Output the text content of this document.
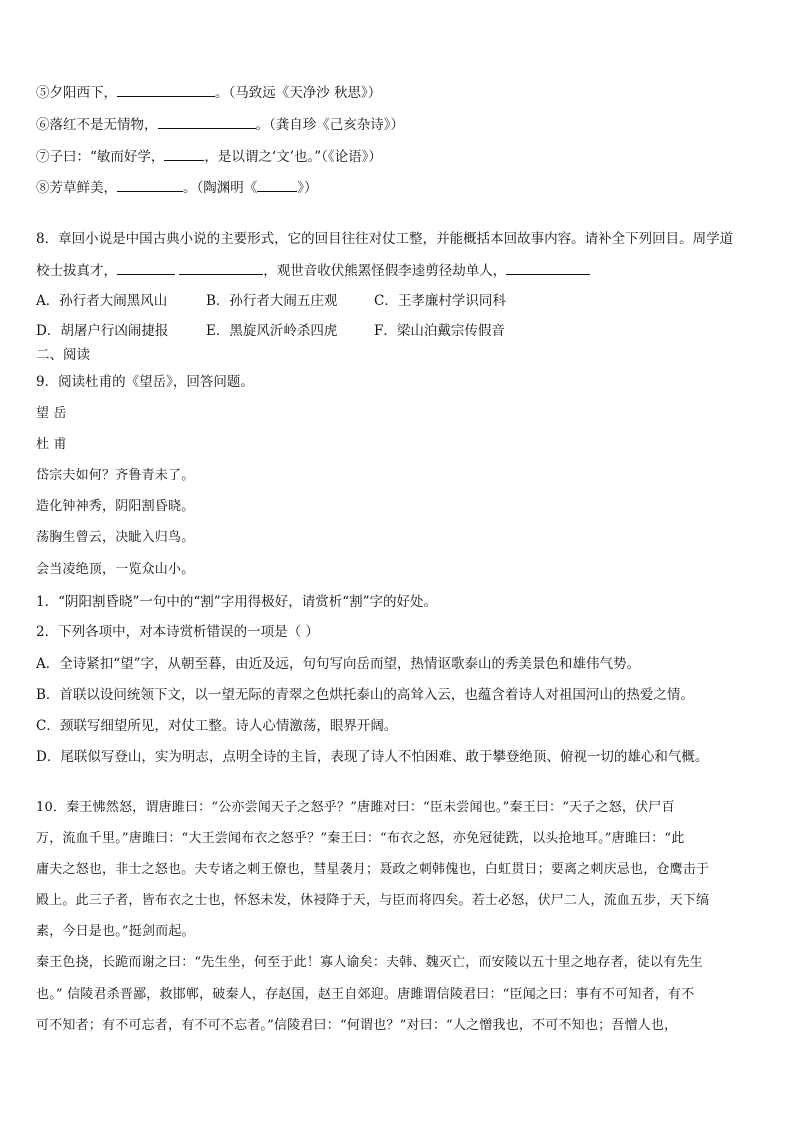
⑤夕阳西下，	。（马致远《天净沙 秋思》）
⑥落红不是无情物，	。（龚自珍《己亥杂诗》）
⑦子曰：“敏而好学，	，是以谓之‘文’也。”（《论语》）
⑧芳草鲜美，	。（陶渊明《	》）
8．章回小说是中国古典小说的主要形式，它的回目往往对仗工整，并能概括本回故事内容。请补全下列回目。周学道
校士拔真才，	，观世音收伏熊罴怪假李逵剪径劫单人，
A．孙行者大闹黑风山	B．孙行者大闹五庄观	C．王孝廉村学识同科
D．胡屠户行凶闹捷报	E．黑旋风沂岭杀四虎	F．梁山泊戴宗传假音
二、阅读
9．阅读杜甫的《望岳》，回答问题。
望 岳
杜 甫
岱宗夫如何？齐鲁青未了。
造化钟神秀，阴阳割昏晓。
荡胸生曾云，决眦入归鸟。
会当凌绝顶，一览众山小。
1．“阴阳割昏晓”一句中的“割”字用得极好，请赏析“割”字的好处。
2．下列各项中，对本诗赏析错误的一项是（ ）
A．全诗紧扣“望”字，从朝至暮，由近及远，句句写向岳而望，热情讴歌泰山的秀美景色和雄伟气势。
B．首联以设问统领下文，以一望无际的青翠之色烘托泰山的高耸入云，也蕴含着诗人对祖国河山的热爱之情。
C．颈联写细望所见，对仗工整。诗人心情激荡，眼界开阔。
D．尾联似写登山，实为明志，点明全诗的主旨，表现了诗人不怕困难、敢于攀登绝顶、俯视一切的雄心和气概。
10．秦王怫然怒，谓唐雎曰：“公亦尝闻天子之怒乎？”唐雎对曰：“臣未尝闻也。”秦王曰：“天子之怒，伏尸百
万，流血千里。”唐雎曰：“大王尝闻布衣之怒乎？”秦王曰：“布衣之怒，亦免冠徒跣，以头抢地耳。”唐雎曰：“此
庸夫之怒也，非士之怒也。夫专诸之刺王僚也，彗星袭月；聂政之刺韩傀也，白虹贯日；要离之刺庆忌也，仓鹰击于
殿上。此三子者，皆布衣之士也，怀怒未发，休祲降于天，与臣而将四矣。若士必怒，伏尸二人，流血五步，天下缟
素，今日是也。”挺剑而起。
秦王色挠，长跪而谢之曰：“先生坐，何至于此！寡人谕矣：夫韩、魏灭亡，而安陵以五十里之地存者，徒以有先生
也。” 信陵君杀晋鄙，救邯郸，破秦人，存赵国，赵王自郊迎。唐雎谓信陵君曰：“臣闻之曰：事有不可知者，有不
可不知者；有不可忘者，有不可不忘者。”信陵君曰：“何谓也？”对曰：“人之憎我也，不可不知也；吾憎人也，
